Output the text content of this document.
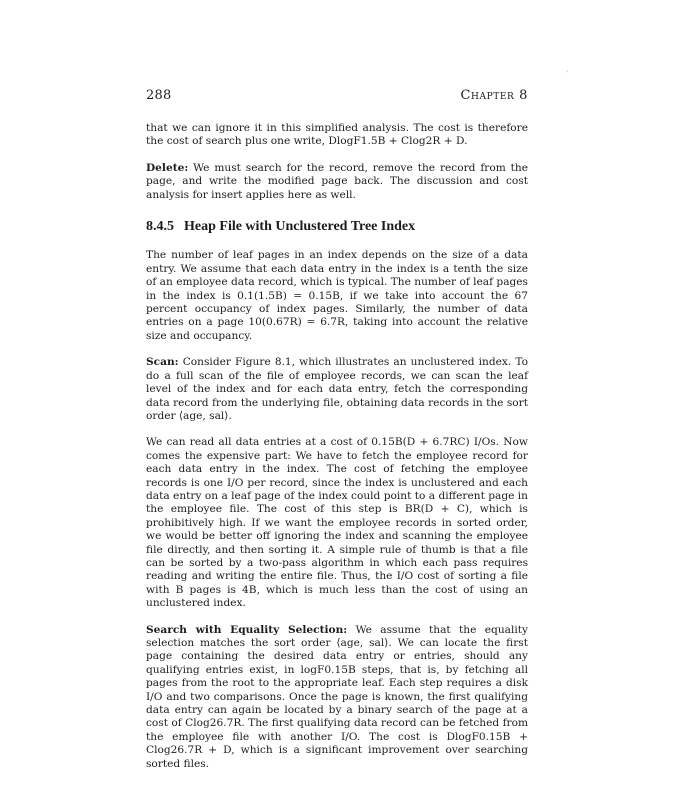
'
288	Chapter 8

that we can ignore it in this simplified analysis. The cost is therefore the cost of search plus one write, DlogF1.5B + Clog2R + D.

Delete: We must search for the record, remove the record from the page, and write the modified page back. The discussion and cost analysis for insert applies here as well.

8.4.5 Heap File with Unclustered Tree Index

The number of leaf pages in an index depends on the size of a data entry. We assume that each data entry in the index is a tenth the size of an employee data record, which is typical. The number of leaf pages in the index is 0.1(1.5B) = 0.15B, if we take into account the 67 percent occupancy of index pages. Similarly, the number of data entries on a page 10(0.67R) = 6.7R, taking into account the relative size and occupancy.

Scan: Consider Figure 8.1, which illustrates an unclustered index. To do a full scan of the file of employee records, we can scan the leaf level of the index and for each data entry, fetch the corresponding data record from the underlying file, obtaining data records in the sort order ⟨age, sal⟩.

We can read all data entries at a cost of 0.15B(D + 6.7RC) I/Os. Now comes the expensive part: We have to fetch the employee record for each data entry in the index. The cost of fetching the employee records is one I/O per record, since the index is unclustered and each data entry on a leaf page of the index could point to a different page in the employee file. The cost of this step is BR(D + C), which is prohibitively high. If we want the employee records in sorted order, we would be better off ignoring the index and scanning the employee file directly, and then sorting it. A simple rule of thumb is that a file can be sorted by a two-pass algorithm in which each pass requires reading and writing the entire file. Thus, the I/O cost of sorting a file with B pages is 4B, which is much less than the cost of using an unclustered index.

Search with Equality Selection: We assume that the equality selection matches the sort order ⟨age, sal⟩. We can locate the first page containing the desired data entry or entries, should any qualifying entries exist, in logF0.15B steps, that is, by fetching all pages from the root to the appropriate leaf. Each step requires a disk I/O and two comparisons. Once the page is known, the first qualifying data entry can again be located by a binary search of the page at a cost of Clog26.7R. The first qualifying data record can be fetched from the employee file with another I/O. The cost is DlogF0.15B + Clog26.7R + D, which is a significant improvement over searching sorted files.
